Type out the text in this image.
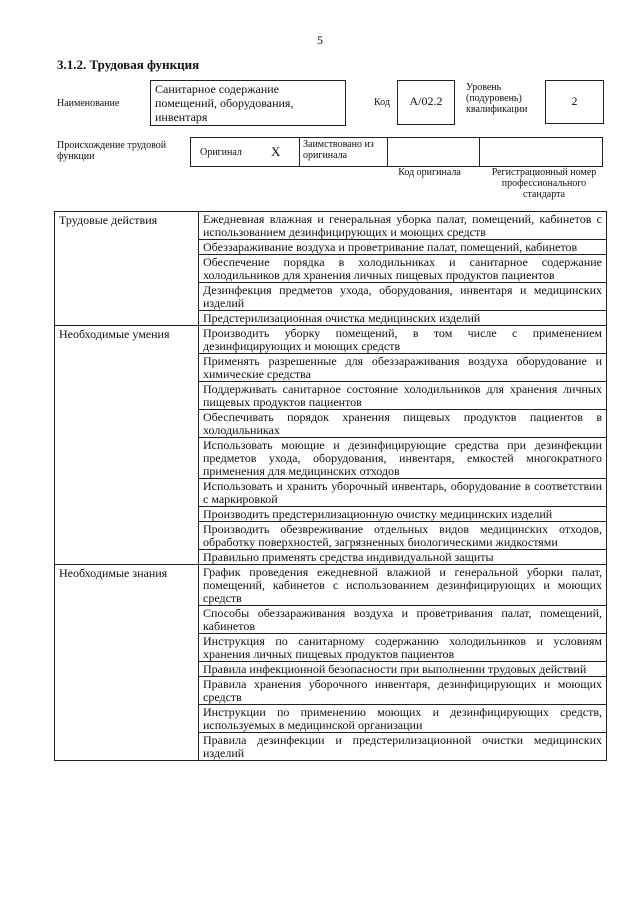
5
3.1.2. Трудовая функция
Наименование
Санитарное содержание помещений, оборудования, инвентаря
Код	А/02.2
Уровень (подуровень) квалификации
2
Происхождение трудовой функции	Оригинал X	Заимствовано из оригинала
Код оригинала	Регистрационный номер профессионального стандарта
Трудовые действия	Ежедневная влажная и генеральная уборка палат, помещений, кабинетов с использованием дезинфицирующих и моющих средств
	Обеззараживание воздуха и проветривание палат, помещений, кабинетов
	Обеспечение порядка в холодильниках и санитарное содержание холодильников для хранения личных пищевых продуктов пациентов
	Дезинфекция предметов ухода, оборудования, инвентаря и медицинских изделий
	Предстерилизационная очистка медицинских изделий
Необходимые умения	Производить уборку помещений, в том числе с применением дезинфицирующих и моющих средств
	Применять разрешенные для обеззараживания воздуха оборудование и химические средства
	Поддерживать санитарное состояние холодильников для хранения личных пищевых продуктов пациентов
	Обеспечивать порядок хранения пищевых продуктов пациентов в холодильниках
	Использовать моющие и дезинфицирующие средства при дезинфекции предметов ухода, оборудования, инвентаря, емкостей многократного применения для медицинских отходов
	Использовать и хранить уборочный инвентарь, оборудование в соответствии с маркировкой
	Производить предстерилизационную очистку медицинских изделий
	Производить обезвреживание отдельных видов медицинских отходов, обработку поверхностей, загрязненных биологическими жидкостями
	Правильно применять средства индивидуальной защиты
Необходимые знания	График проведения ежедневной влажной и генеральной уборки палат, помещений, кабинетов с использованием дезинфицирующих и моющих средств
	Способы обеззараживания воздуха и проветривания палат, помещений, кабинетов
	Инструкция по санитарному содержанию холодильников и условиям хранения личных пищевых продуктов пациентов
	Правила инфекционной безопасности при выполнении трудовых действий
	Правила хранения уборочного инвентаря, дезинфицирующих и моющих средств
	Инструкции по применению моющих и дезинфицирующих средств, используемых в медицинской организации
	Правила дезинфекции и предстерилизационной очистки медицинских изделий
